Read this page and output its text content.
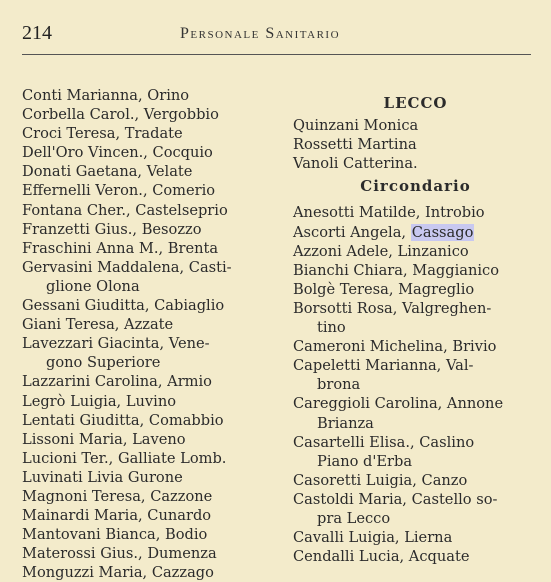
214	Personale Sanitario
Conti Marianna, Orino
Corbella Carol., Vergobbio
Croci Teresa, Tradate
Dell'Oro Vincen., Cocquio
Donati Gaetana, Velate
Effernelli Veron., Comerio
Fontana Cher., Castelseprio
Franzetti Gius., Besozzo
Fraschini Anna M., Brenta
Gervasini Maddalena, Casti-
glione Olona
Gessani Giuditta, Cabiaglio
Giani Teresa, Azzate
Lavezzari Giacinta, Vene-
gono Superiore
Lazzarini Carolina, Armio
Legrò Luigia, Luvino
Lentati Giuditta, Comabbio
Lissoni Maria, Laveno
Lucioni Ter., Galliate Lomb.
Luvinati Livia Gurone
Magnoni Teresa, Cazzone
Mainardi Maria, Cunardo
Mantovani Bianca, Bodio
Materossi Gius., Dumenza
Monguzzi Maria, Cazzago
LECCO
Quinzani Monica
Rossetti Martina
Vanoli Catterina.
Circondario
Anesotti Matilde, Introbio
Ascorti Angela, Cassago
Azzoni Adele, Linzanico
Bianchi Chiara, Maggianico
Bolgè Teresa, Magreglio
Borsotti Rosa, Valgreghen-
tino
Cameroni Michelina, Brivio
Capeletti Marianna, Val-
brona
Careggioli Carolina, Annone
Brianza
Casartelli Elisa., Caslino
Piano d'Erba
Casoretti Luigia, Canzo
Castoldi Maria, Castello so-
pra Lecco
Cavalli Luigia, Lierna
Cendalli Lucia, Acquate
